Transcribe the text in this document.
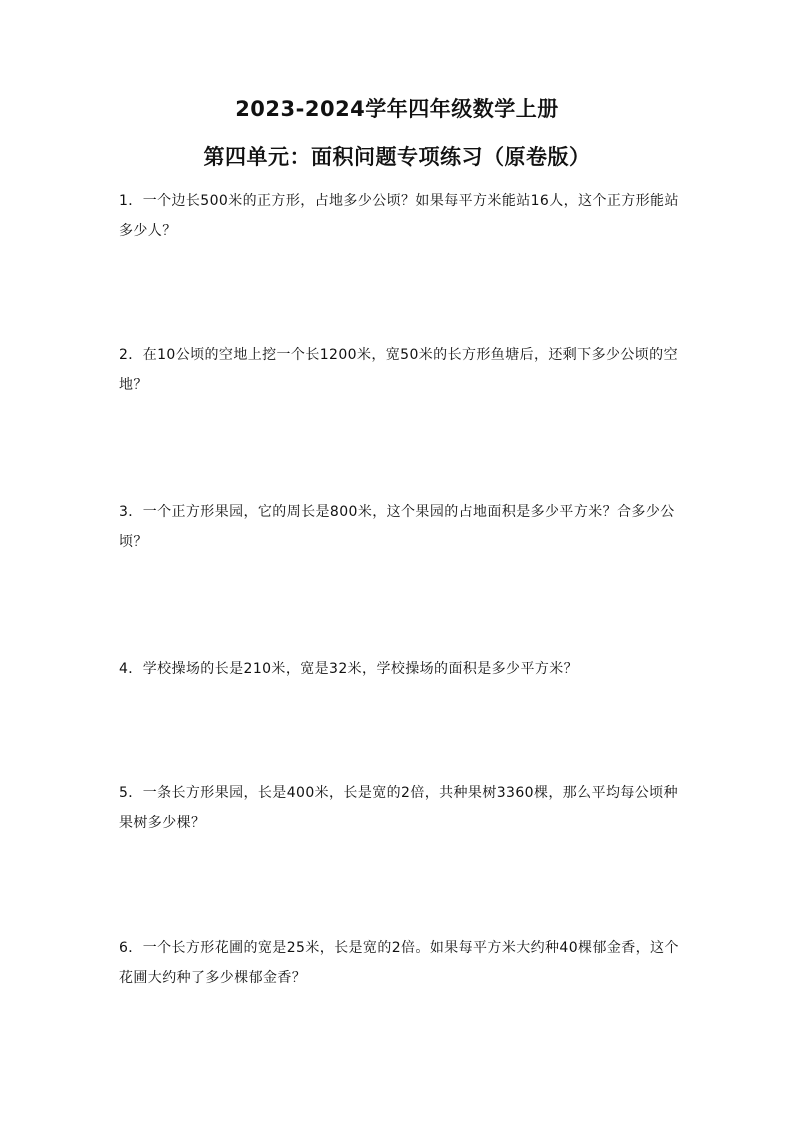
2023-2024学年四年级数学上册
第四单元：面积问题专项练习（原卷版）
1．一个边长500米的正方形，占地多少公顷？如果每平方米能站16人，这个正方形能站多少人？
2．在10公顷的空地上挖一个长1200米，宽50米的长方形鱼塘后，还剩下多少公顷的空地？
3．一个正方形果园，它的周长是800米，这个果园的占地面积是多少平方米？合多少公顷？
4．学校操场的长是210米，宽是32米，学校操场的面积是多少平方米？
5．一条长方形果园，长是400米，长是宽的2倍，共种果树3360棵，那么平均每公顷种果树多少棵？
6．一个长方形花圃的宽是25米，长是宽的2倍。如果每平方米大约种40棵郁金香，这个花圃大约种了多少棵郁金香？
